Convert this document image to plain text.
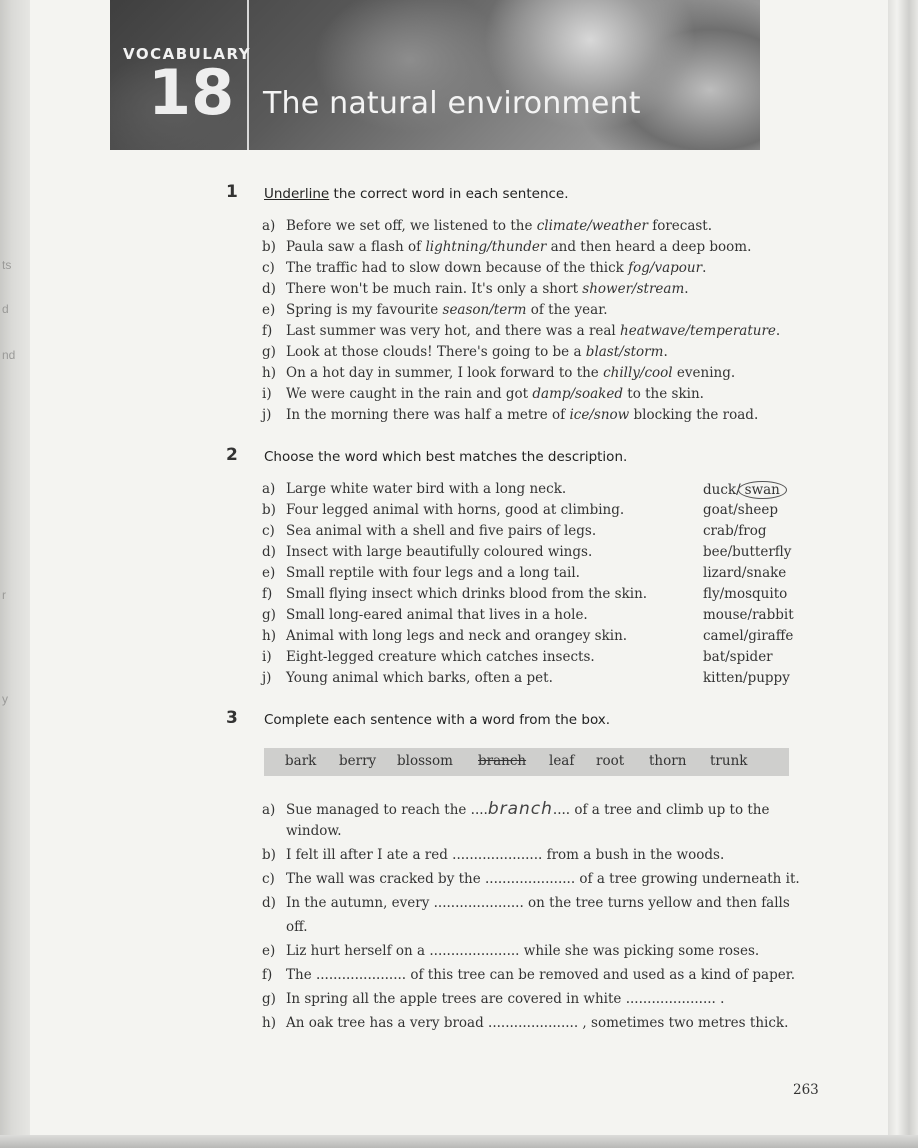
ts
d
nd
r
y
VOCABULARY
18 The natural environment
1 Underline the correct word in each sentence.
a) Before we set off, we listened to the climate/weather forecast.
b) Paula saw a flash of lightning/thunder and then heard a deep boom.
c) The traffic had to slow down because of the thick fog/vapour.
d) There won't be much rain. It's only a short shower/stream.
e) Spring is my favourite season/term of the year.
f) Last summer was very hot, and there was a real heatwave/temperature.
g) Look at those clouds! There's going to be a blast/storm.
h) On a hot day in summer, I look forward to the chilly/cool evening.
i) We were caught in the rain and got damp/soaked to the skin.
j) In the morning there was half a metre of ice/snow blocking the road.
2 Choose the word which best matches the description.
a) Large white water bird with a long neck.	duck/ swan
b) Four legged animal with horns, good at climbing.	goat/sheep
c) Sea animal with a shell and five pairs of legs.	crab/frog
d) Insect with large beautifully coloured wings.	bee/butterfly
e) Small reptile with four legs and a long tail.	lizard/snake
f) Small flying insect which drinks blood from the skin.	fly/mosquito
g) Small long-eared animal that lives in a hole.	mouse/rabbit
h) Animal with long legs and neck and orangey skin.	camel/giraffe
i) Eight-legged creature which catches insects.	bat/spider
j) Young animal which barks, often a pet.	kitten/puppy
3 Complete each sentence with a word from the box.
bark berry blossom branch leaf root thorn trunk
a) Sue managed to reach the ....branch.... of a tree and climb up to the
window.
b) I felt ill after I ate a red ..................... from a bush in the woods.
c) The wall was cracked by the ..................... of a tree growing underneath it.
d) In the autumn, every ..................... on the tree turns yellow and then falls
off.
e) Liz hurt herself on a ..................... while she was picking some roses.
f) The ..................... of this tree can be removed and used as a kind of paper.
g) In spring all the apple trees are covered in white ..................... .
h) An oak tree has a very broad ..................... , sometimes two metres thick.
263
